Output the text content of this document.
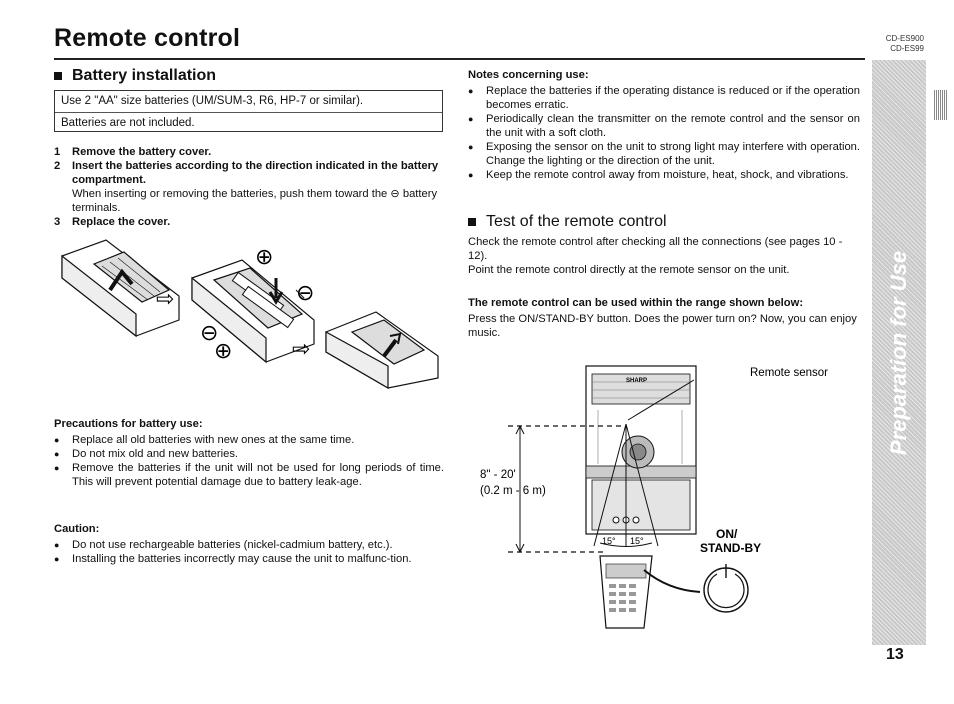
Remote control	CD-ES900
CD-ES99
Battery installation
Use 2 "AA" size batteries (UM/SUM-3, R6, HP-7 or similar).
Batteries are not included.
1	Remove the battery cover.
2	Insert the batteries according to the direction indicated in the battery compartment.
When inserting or removing the batteries, push them toward the ⊖ battery terminals.
3	Replace the cover.
⇨
⊕
⊖
⊖
⊕	⇨
Precautions for battery use:
● Replace all old batteries with new ones at the same time.
● Do not mix old and new batteries.
● Remove the batteries if the unit will not be used for long periods of time. This will prevent potential damage due to battery leak-age.
Caution:
● Do not use rechargeable batteries (nickel-cadmium battery, etc.).
● Installing the batteries incorrectly may cause the unit to malfunc-tion.
Notes concerning use:
● Replace the batteries if the operating distance is reduced or if the operation becomes erratic.
● Periodically clean the transmitter on the remote control and the sensor on the unit with a soft cloth.
● Exposing the sensor on the unit to strong light may interfere with operation. Change the lighting or the direction of the unit.
● Keep the remote control away from moisture, heat, shock, and vibrations.
Test of the remote control
Check the remote control after checking all the connections (see pages 10 - 12).
Point the remote control directly at the remote sensor on the unit.
The remote control can be used within the range shown below:
Press the ON/STAND-BY button. Does the power turn on? Now, you can enjoy music.
SHARP
8" - 20'
(0.2 m - 6 m)
Remote sensor
15° 15°	ON/
STAND-BY
Preparation for Use
13
